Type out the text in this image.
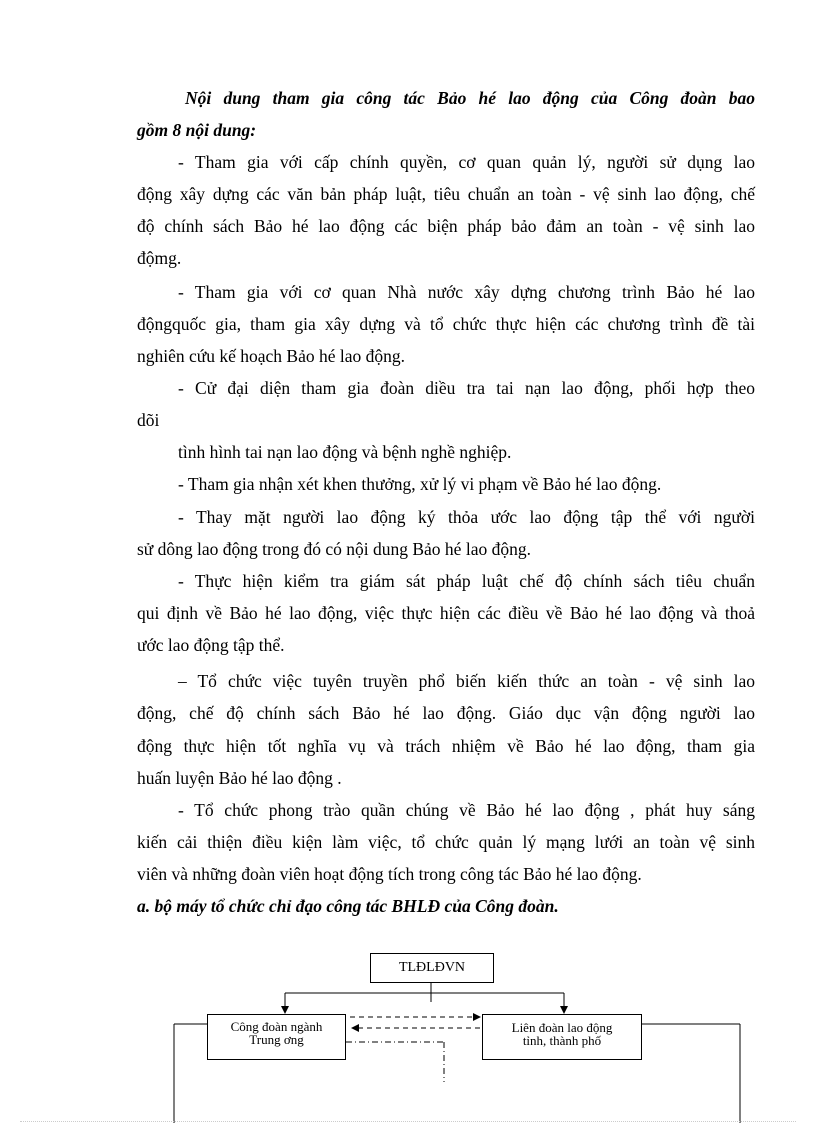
Nội dung tham gia công tác Bảo hé lao động của Công đoàn bao
gồm 8 nội dung:
- Tham gia với cấp chính quyền, cơ quan quản lý, người sử dụng lao
động xây dựng các văn bản pháp luật, tiêu chuẩn an toàn - vệ sinh lao động, chế
độ chính sách Bảo hé lao động các biện pháp bảo đảm an toàn - vệ sinh lao
độmg.
- Tham gia với cơ quan Nhà nước xây dựng chương trình Bảo hé lao
độngquốc gia, tham gia xây dựng và tổ chức thực hiện các chương trình đề tài
nghiên cứu kế hoạch Bảo hé lao động.
- Cử đại diện tham gia đoàn diều tra tai nạn lao động, phối hợp theo
dõi
tình hình tai nạn lao động và bệnh nghề nghiệp.
- Tham gia nhận xét khen thưởng, xử lý vi phạm về Bảo hé lao động.
- Thay mặt người lao động ký thỏa ước lao động tập thể với người
sử dông lao động trong đó có nội dung Bảo hé lao động.
- Thực hiện kiểm tra giám sát pháp luật chế độ chính sách tiêu chuẩn
qui định về Bảo hé lao động, việc thực hiện các điều về Bảo hé lao động và thoả
ước lao động tập thể.
– Tổ chức việc tuyên truyền phổ biến kiến thức an toàn - vệ sinh lao
động, chế độ chính sách Bảo hé lao động. Giáo dục vận động người lao
động thực hiện tốt nghĩa vụ và trách nhiệm về Bảo hé lao động, tham gia
huấn luyện Bảo hé lao động .
- Tổ chức phong trào quần chúng về Bảo hé lao động , phát huy sáng
kiến cải thiện điều kiện làm việc, tổ chức quản lý mạng lưới an toàn vệ sinh
viên và những đoàn viên hoạt động tích trong công tác Bảo hé lao động.
a. bộ máy tổ chức chỉ đạo công tác BHLĐ của Công đoàn.
TLĐLĐVN
Công đoàn ngành
Trung ơng
Liên đoàn lao động
tỉnh, thành phố
